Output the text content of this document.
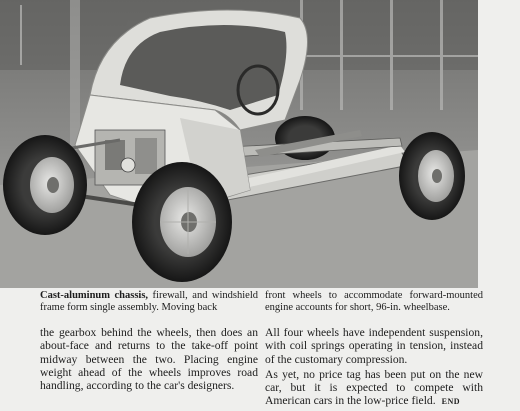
Cast-aluminum chassis, firewall, and windshield frame form single assembly. Moving back
front wheels to accommodate forward-mounted engine accounts for short, 96-in. wheelbase.

the gearbox behind the wheels, then does an about-face and returns to the take-off point midway between the two. Placing engine weight ahead of the wheels improves road handling, according to the car's designers.

All four wheels have independent suspension, with coil springs operating in tension, instead of the customary compression.

As yet, no price tag has been put on the new car, but it is expected to compete with American cars in the low-price field. END
